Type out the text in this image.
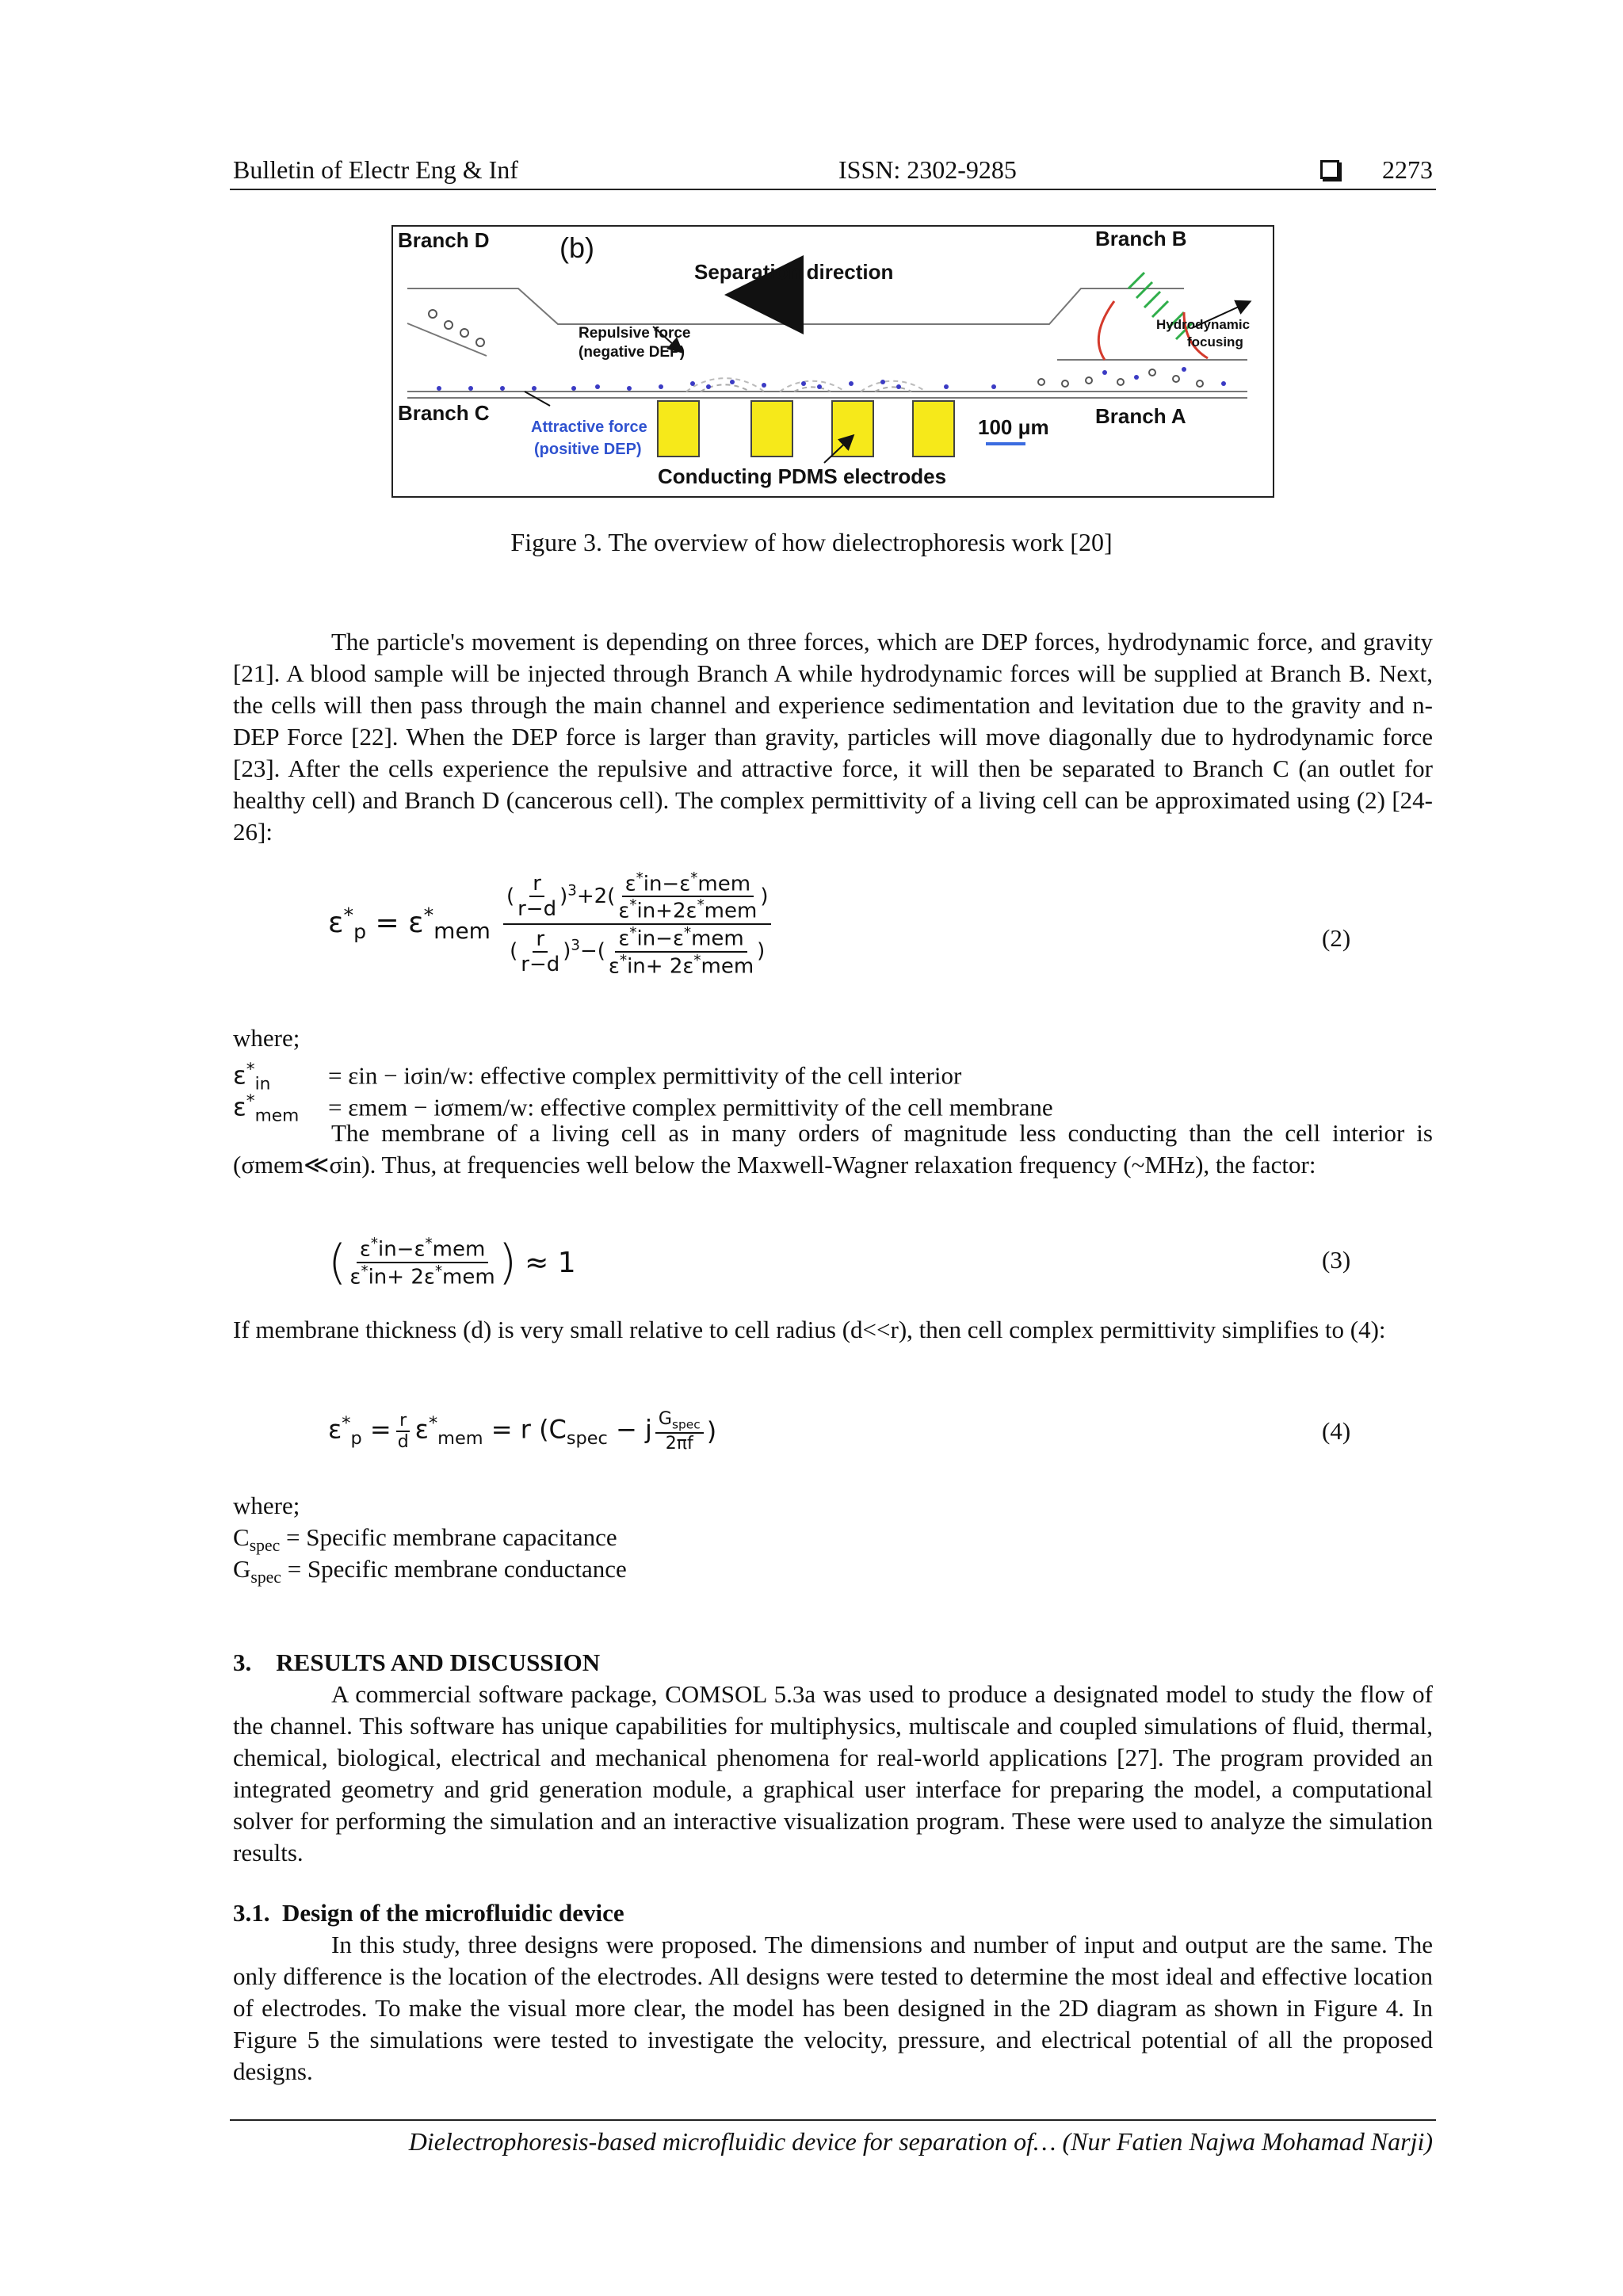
Bulletin of Electr Eng & Inf	ISSN: 2302-9285	2273
Branch D (b)	Branch B
Separation direction
Hydrodynamic
focusing
Repulsive force
(negative DEP)
Branch C
Attractive force
(positive DEP)
100 μm Branch A
Conducting PDMS electrodes
Figure 3. The overview of how dielectrophoresis work [20]
The particle's movement is depending on three forces, which are DEP forces, hydrodynamic force, and gravity [21]. A blood sample will be injected through Branch A while hydrodynamic forces will be supplied at Branch B. Next, the cells will then pass through the main channel and experience sedimentation and levitation due to the gravity and n-DEP Force [22]. When the DEP force is larger than gravity, particles will move diagonally due to hydrodynamic force [23]. After the cells experience the repulsive and attractive force, it will then be separated to Branch C (an outlet for healthy cell) and Branch D (cancerous cell). The complex permittivity of a living cell can be approximated using (2) [24-26]:
$\varepsilon^*_p = \varepsilon^*_{mem} \frac{( \frac{r}{r-d} )^3+2( \frac{\varepsilon^*in-\varepsilon^*mem}{\varepsilon^*in+2\varepsilon^*mem} )}{( \frac{r}{r-d} )^3-( \frac{\varepsilon^*in-\varepsilon^*mem}{\varepsilon^*in+ 2\varepsilon^*mem} )}$	(2)
where;
$\varepsilon^*_{in} = \varepsilon in - i\sigma in/w$: effective complex permittivity of the cell interior
$\varepsilon^*_{mem} = \varepsilon mem - i\sigma mem/w$: effective complex permittivity of the cell membrane
The membrane of a living cell as in many orders of magnitude less conducting than the cell interior is (σmem≪σin). Thus, at frequencies well below the Maxwell-Wagner relaxation frequency (~MHz), the factor:
( $\frac{\varepsilon^*in-\varepsilon^*mem}{\varepsilon^*in+ 2\varepsilon^*mem}$ ) ≈ 1	(3)
If membrane thickness (d) is very small relative to cell radius (d<<r), then cell complex permittivity simplifies to (4):
$\varepsilon^*_p = \frac{r}{d} \varepsilon^*_{mem} = r$ ($C_{spec} - j \frac{G_{spec}}{2\pi f}$ )	(4)
where;
$C_{spec}$ = Specific membrane capacitance
$G_{spec}$ = Specific membrane conductance
3.    RESULTS AND DISCUSSION
A commercial software package, COMSOL 5.3a was used to produce a designated model to study the flow of the channel. This software has unique capabilities for multiphysics, multiscale and coupled simulations of fluid, thermal, chemical, biological, electrical and mechanical phenomena for real-world applications [27]. The program provided an integrated geometry and grid generation module, a graphical user interface for preparing the model, a computational solver for performing the simulation and an interactive visualization program. These were used to analyze the simulation results.
3.1.  Design of the microfluidic device
In this study, three designs were proposed. The dimensions and number of input and output are the same. The only difference is the location of the electrodes. All designs were tested to determine the most ideal and effective location of electrodes. To make the visual more clear, the model has been designed in the 2D diagram as shown in Figure 4. In Figure 5 the simulations were tested to investigate the velocity, pressure, and electrical potential of all the proposed designs.
Dielectrophoresis-based microfluidic device for separation of… (Nur Fatien Najwa Mohamad Narji)
